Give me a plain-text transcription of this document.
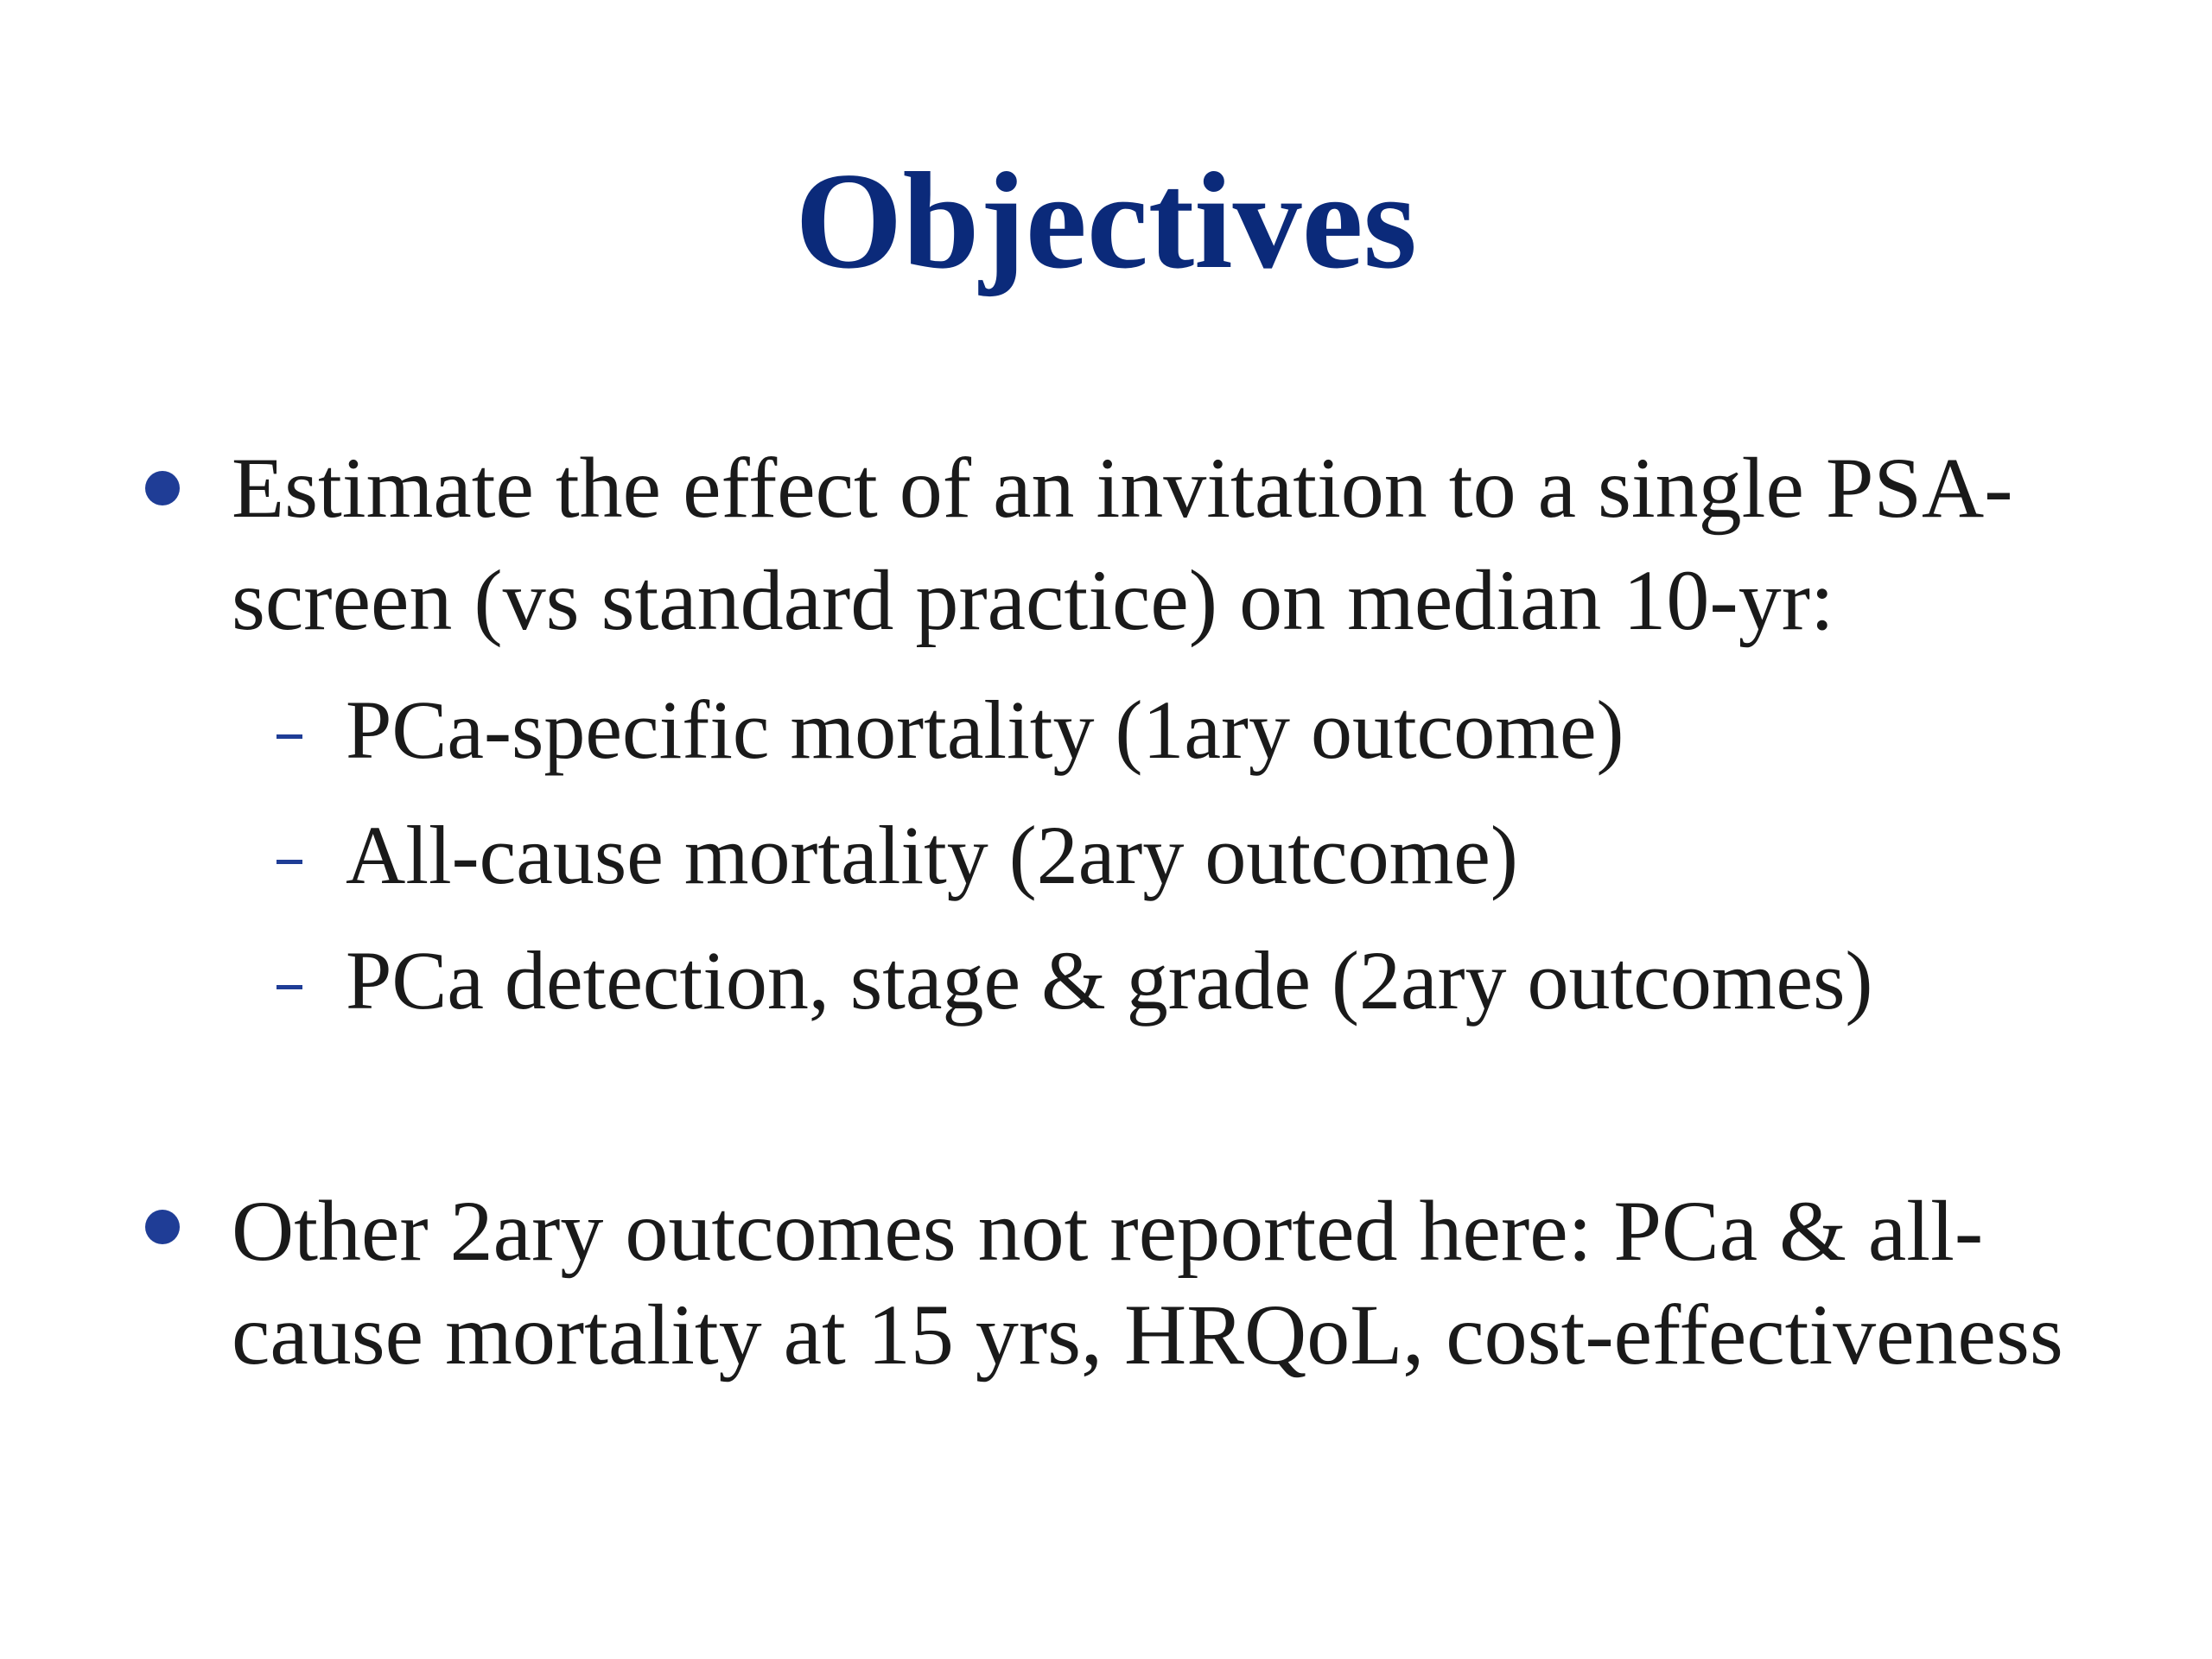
Objectives
Estimate the effect of an invitation to a single PSA-
screen (vs standard practice) on median 10-yr:
PCa-specific mortality (1ary outcome)
All-cause mortality (2ary outcome)
PCa detection, stage & grade (2ary outcomes)
Other 2ary outcomes not reported here: PCa & all-
cause mortality at 15 yrs, HRQoL, cost-effectiveness
